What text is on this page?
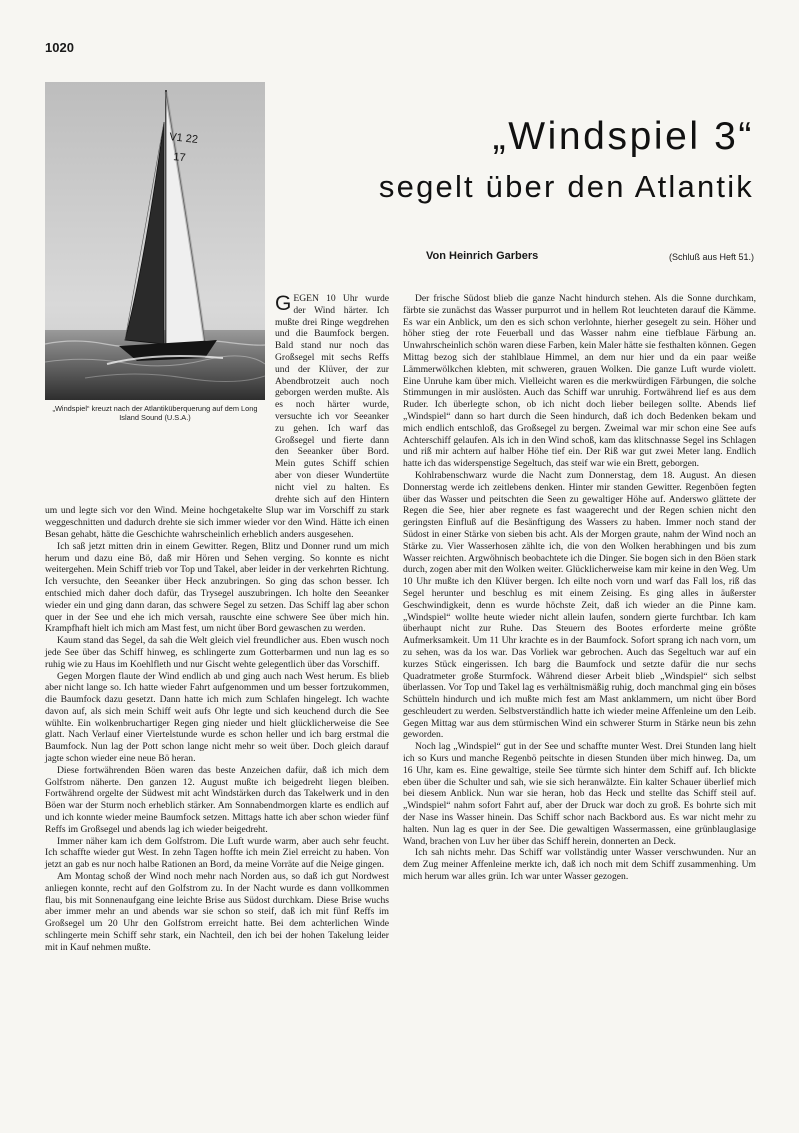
1020
V1 22
17
„Windspiel“ kreuzt nach der Atlantiküberquerung auf dem Long Island Sound (U.S.A.)
„Windspiel 3“
segelt über den Atlantik
Von Heinrich Garbers	(Schluß aus Heft 51.)

GEGEN 10 Uhr wurde der Wind härter. Ich mußte drei Ringe wegdrehen und die Baumfock bergen. Bald stand nur noch das Großsegel mit sechs Reffs und der Klüver, der zur Abendbrotzeit auch noch geborgen werden mußte. Als es noch härter wurde, versuchte ich vor Seeanker zu gehen. Ich warf das Großsegel und fierte dann den Seeanker über Bord. Mein gutes Schiff schien aber von dieser Wundertüte nicht viel zu halten. Es drehte sich auf den Hintern um und legte sich vor den Wind. Meine hochgetakelte Slup war im Vorschiff zu stark weggeschnitten und dadurch drehte sie sich immer wieder vor den Wind. Hätte ich einen Besan gehabt, hätte die Geschichte wahrscheinlich erheblich anders ausgesehen.

Ich saß jetzt mitten drin in einem Gewitter. Regen, Blitz und Donner rund um mich herum und dazu eine Bö, daß mir Hören und Sehen verging. So konnte es nicht weitergehen. Mein Schiff trieb vor Top und Takel, aber leider in der verkehrten Richtung. Ich versuchte, den Seeanker über Heck anzubringen. So ging das schon besser. Ich entschied mich daher doch dafür, das Trysegel auszubringen. Ich holte den Seeanker wieder ein und ging dann daran, das schwere Segel zu setzen. Das Schiff lag aber schon quer in der See und ehe ich mich versah, rauschte eine schwere See über mich hin. Krampfhaft hielt ich mich am Mast fest, um nicht über Bord gewaschen zu werden.

Kaum stand das Segel, da sah die Welt gleich viel freundlicher aus. Eben wusch noch jede See über das Schiff hinweg, es schlingerte zum Gotterbarmen und nun lag es so ruhig wie zu Haus im Koehlfleth und nur Gischt wehte gelegentlich über das Vorschiff.

Gegen Morgen flaute der Wind endlich ab und ging auch nach West herum. Es blieb aber nicht lange so. Ich hatte wieder Fahrt aufgenommen und um besser fortzukommen, die Baumfock dazu gesetzt. Dann hatte ich mich zum Schlafen hingelegt. Ich wachte davon auf, als sich mein Schiff weit aufs Ohr legte und sich keuchend durch die See wühlte. Ein wolkenbruchartiger Regen ging nieder und hielt glücklicherweise die See glatt. Nach Verlauf einer Viertelstunde wurde es schon heller und ich barg erstmal die Baumfock. Nun lag der Pott schon lange nicht mehr so weit über. Doch gleich darauf jagte schon wieder eine neue Bö heran.

Diese fortwährenden Böen waren das beste Anzeichen dafür, daß ich mich dem Golfstrom näherte. Den ganzen 12. August mußte ich beigedreht liegen bleiben. Fortwährend orgelte der Südwest mit acht Windstärken durch das Takelwerk und in den Böen war der Sturm noch erheblich stärker. Am Sonnabendmorgen klarte es endlich auf und ich konnte wieder meine Baumfock setzen. Mittags hatte ich aber schon wieder fünf Reffs im Großsegel und abends lag ich wieder beigedreht.

Immer näher kam ich dem Golfstrom. Die Luft wurde warm, aber auch sehr feucht. Ich schaffte wieder gut West. In zehn Tagen hoffte ich mein Ziel erreicht zu haben. Von jetzt an gab es nur noch halbe Rationen an Bord, da meine Vorräte auf die Neige gingen.

Am Montag schoß der Wind noch mehr nach Norden aus, so daß ich gut Nordwest anliegen konnte, recht auf den Golfstrom zu. In der Nacht wurde es dann vollkommen flau, bis mit Sonnenaufgang eine leichte Brise aus Südost durchkam. Diese Brise wuchs aber immer mehr an und abends war sie schon so steif, daß ich mit fünf Reffs im Großsegel um 20 Uhr den Golfstrom erreicht hatte. Bei dem achterlichen Winde schlingerte mein Schiff sehr stark, ein Nachteil, den ich bei der hohen Takelung leider mit in Kauf nehmen mußte.

Der frische Südost blieb die ganze Nacht hindurch stehen. Als die Sonne durchkam, färbte sie zunächst das Wasser purpurrot und in hellem Rot leuchteten darauf die Kämme. Es war ein Anblick, um den es sich schon verlohnte, hierher gesegelt zu sein. Höher und höher stieg der rote Feuerball und das Wasser nahm eine tiefblaue Färbung an. Unwahrscheinlich schön waren diese Farben, kein Maler hätte sie festhalten können. Gegen Mittag bezog sich der stahlblaue Himmel, an dem nur hier und da ein paar weiße Lämmerwölkchen klebten, mit schweren, grauen Wolken. Die ganze Luft wurde violett. Eine Unruhe kam über mich. Vielleicht waren es die merkwürdigen Färbungen, die solche Stimmungen in mir auslösten. Auch das Schiff war unruhig. Fortwährend lief es aus dem Ruder. Ich überlegte schon, ob ich nicht doch lieber beilegen sollte. Abends lief „Windspiel“ dann so hart durch die Seen hindurch, daß ich doch Bedenken bekam und mich endlich entschloß, das Großsegel zu bergen. Zweimal war mir schon eine See aufs Achterschiff gelaufen. Als ich in den Wind schoß, kam das klitschnasse Segel ins Schlagen und riß mir achtern auf halber Höhe tief ein. Der Riß war gut zwei Meter lang. Endlich hatte ich das widerspenstige Segeltuch, das steif war wie ein Brett, geborgen.

Kohlrabenschwarz wurde die Nacht zum Donnerstag, dem 18. August. An diesen Donnerstag werde ich zeitlebens denken. Hinter mir standen Gewitter. Regenböen fegten über das Wasser und peitschten die Seen zu gewaltiger Höhe auf. Anderswo glättete der Regen die See, hier aber regnete es fast waagerecht und der Regen schien nicht den geringsten Einfluß auf die Besänftigung des Wassers zu haben. Immer noch stand der Südost in einer Stärke von sieben bis acht. Als der Morgen graute, nahm der Wind noch an Stärke zu. Vier Wasserhosen zählte ich, die von den Wolken herabhingen und bis zum Wasser reichten. Argwöhnisch beobachtete ich die Dinger. Sie bogen sich in den Böen stark durch, zogen aber mit den Wolken weiter. Glücklicherweise kam mir keine in den Weg. Um 10 Uhr mußte ich den Klüver bergen. Ich eilte noch vorn und warf das Fall los, riß das Segel herunter und beschlug es mit einem Zeising. Es ging alles in äußerster Geschwindigkeit, denn es wurde höchste Zeit, daß ich wieder an die Pinne kam. „Windspiel“ wollte heute wieder nicht allein laufen, sondern gierte furchtbar. Ich kam überhaupt nicht zur Ruhe. Das Steuern des Bootes erforderte meine größte Aufmerksamkeit. Um 11 Uhr krachte es in der Baumfock. Sofort sprang ich nach vorn, um zu sehen, was da los war. Das Vorliek war gebrochen. Auch das Segeltuch war auf ein kurzes Stück eingerissen. Ich barg die Baumfock und setzte dafür die nur sechs Quadratmeter große Sturmfock. Während dieser Arbeit blieb „Windspiel“ sich selbst überlassen. Vor Top und Takel lag es verhältnismäßig ruhig, doch manchmal ging ein böses Schütteln hindurch und ich mußte mich fest am Mast anklammern, um nicht über Bord geschleudert zu werden. Selbstverständlich hatte ich wieder meine Affenleine um den Leib. Gegen Mittag war aus dem stürmischen Wind ein schwerer Sturm in Stärke neun bis zehn geworden.

Noch lag „Windspiel“ gut in der See und schaffte munter West. Drei Stunden lang hielt ich so Kurs und manche Regenbö peitschte in diesen Stunden über mich hinweg. Da, um 16 Uhr, kam es. Eine gewaltige, steile See türmte sich hinter dem Schiff auf. Ich blickte eben über die Schulter und sah, wie sie sich heranwälzte. Ein kalter Schauer überlief mich bei diesem Anblick. Nun war sie heran, hob das Heck und stellte das Schiff steil auf. „Windspiel“ nahm sofort Fahrt auf, aber der Druck war doch zu groß. Es bohrte sich mit der Nase ins Wasser hinein. Das Schiff schor nach Backbord aus. Es war nicht mehr zu halten. Nun lag es quer in der See. Die gewaltigen Wassermassen, eine grünblauglasige Wand, brachen von Luv her über das Schiff herein, donnerten an Deck.

Ich sah nichts mehr. Das Schiff war vollständig unter Wasser verschwunden. Nur an dem Zug meiner Affenleine merkte ich, daß ich noch mit dem Schiff zusammenhing. Um mich herum war alles grün. Ich war unter Wasser gezogen.
